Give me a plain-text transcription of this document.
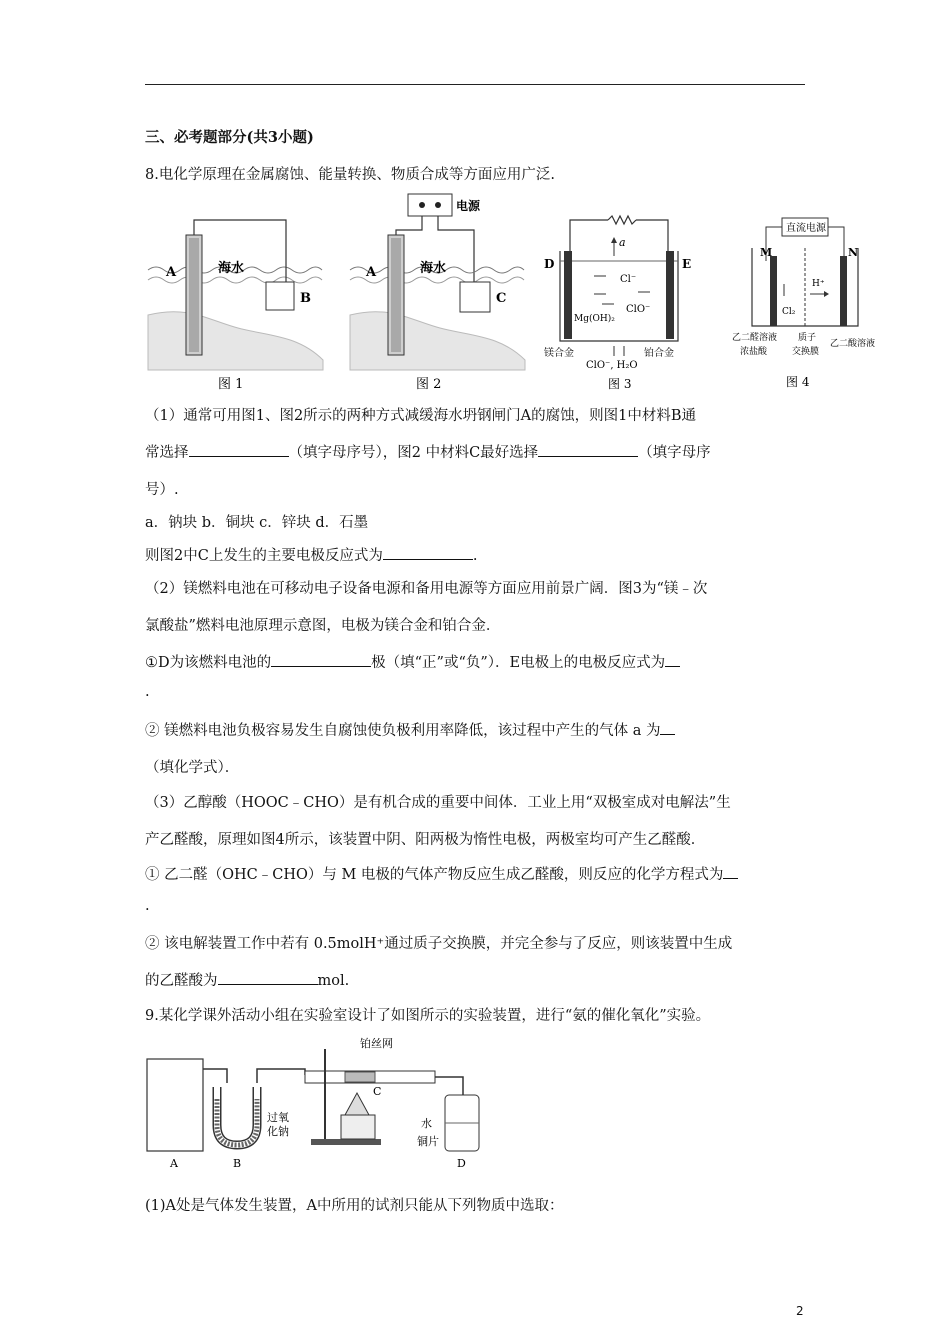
三、必考题部分(共3小题)
8.电化学原理在金属腐蚀、能量转换、物质合成等方面应用广泛.
A	海水
B
图 1
电源
A	海水
C
图 2
a
Cl⁻
ClO⁻
Mg(OH)₂
D	E
镁合金	铂合金
ClO⁻, H₂O
图 3
直流电源
M	N
H⁺
Cl₂
乙二醛溶液
浓盐酸
质子
交换膜
乙二酸溶液
图 4
（1）通常可用图1、图2所示的两种方式减缓海水坍钢闸门A的腐蚀，则图1中材料B通
常选择	（填字母序号），图2 中材料C最好选择	（填字母序
号）.
a．钠块 b．铜块 c．锌块 d．石墨
则图2中C上发生的主要电极反应式为	.
（2）镁燃料电池在可移动电子设备电源和备用电源等方面应用前景广阔．图3为“镁﹣次
氯酸盐”燃料电池原理示意图，电极为镁合金和铂合金．
①D为该燃料电池的	极（填“正”或“负”）．E电极上的电极反应式为
.
② 镁燃料电池负极容易发生自腐蚀使负极利用率降低，该过程中产生的气体 a 为
（填化学式）．
（3）乙醇酸（HOOC﹣CHO）是有机合成的重要中间体．工业上用“双极室成对电解法”生
产乙醛酸，原理如图4所示，该装置中阴、阳两极为惰性电极，两极室均可产生乙醛酸．
① 乙二醛（OHC﹣CHO）与 M 电极的气体产物反应生成乙醛酸，则反应的化学方程式为
.
② 该电解装置工作中若有 0.5molH⁺通过质子交换膜，并完全参与了反应，则该装置中生成
的乙醛酸为	mol.
9.某化学课外活动小组在实验室设计了如图所示的实验装置，进行“氨的催化氧化”实验。
铂丝网
C
过氧
化钠
水
铜片
A	B	D
(1)A处是气体发生装置，A中所用的试剂只能从下列物质中选取：
2
